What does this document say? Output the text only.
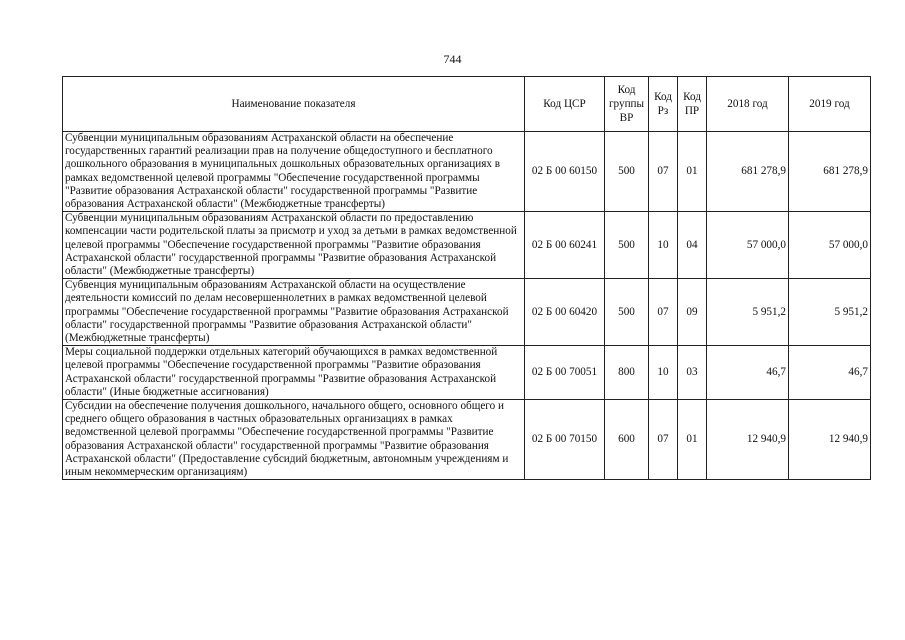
744
Наименование показателя	Код ЦСР	Код группы ВР	Код Рз	Код ПР	2018 год	2019 год
Субвенции муниципальным образованиям Астраханской области на обеспечение государственных гарантий реализации прав на получение общедоступного и бесплатного дошкольного образования в муниципальных дошкольных образовательных организациях в рамках ведомственной целевой программы "Обеспечение государственной программы "Развитие образования Астраханской области" государственной программы "Развитие образования Астраханской области" (Межбюджетные трансферты)	02 Б 00 60150	500	07	01	681 278,9	681 278,9
Субвенции муниципальным образованиям Астраханской области по предоставлению компенсации части родительской платы за присмотр и уход за детьми в рамках ведомственной целевой программы "Обеспечение государственной программы "Развитие образования Астраханской области" государственной программы "Развитие образования Астраханской области" (Межбюджетные трансферты)	02 Б 00 60241	500	10	04	57 000,0	57 000,0
Субвенция муниципальным образованиям Астраханской области на осуществление деятельности комиссий по делам несовершеннолетних в рамках ведомственной целевой программы "Обеспечение государственной программы "Развитие образования Астраханской области" государственной программы "Развитие образования Астраханской области" (Межбюджетные трансферты)	02 Б 00 60420	500	07	09	5 951,2	5 951,2
Меры социальной поддержки отдельных категорий обучающихся в рамках ведомственной целевой программы "Обеспечение государственной программы "Развитие образования Астраханской области" государственной программы "Развитие образования Астраханской области" (Иные бюджетные ассигнования)	02 Б 00 70051	800	10	03	46,7	46,7
Субсидии на обеспечение получения дошкольного, начального общего, основного общего и среднего общего образования в частных образовательных организациях в рамках ведомственной целевой программы "Обеспечение государственной программы "Развитие образования Астраханской области" государственной программы "Развитие образования Астраханской области" (Предоставление субсидий бюджетным, автономным учреждениям и иным некоммерческим организациям)	02 Б 00 70150	600	07	01	12 940,9	12 940,9
